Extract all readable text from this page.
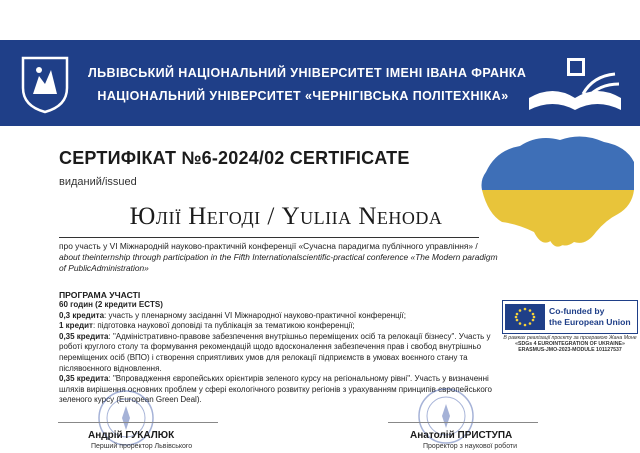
ЛЬВІВСЬКИЙ НАЦІОНАЛЬНИЙ УНІВЕРСИТЕТ ІМЕНІ ІВАНА ФРАНКА
НАЦІОНАЛЬНИЙ УНІВЕРСИТЕТ «ЧЕРНІГІВСЬКА ПОЛІТЕХНІКА»
СЕРТИФІКАТ №6-2024/02 CERTIFICATE
виданий/issued
Юлії Негоді / Yuliia Nehoda
про участь у VI Міжнародній науково-практичній конференції «Сучасна парадигма публічного управління» / about theinternship through participation in the Fifth Internationalscientific-practical conference «The Modern paradigm of PublicAdministration»
ПРОГРАМА УЧАСТІ

60 годин (2 кредити ECTS)

0,3 кредита: участь у пленарному засіданні VI Міжнародної науково-практичної конференції;

1 кредит: підготовка наукової доповіді та публікація за тематикою конференції;

0,35 кредита: "Адміністративно-правове забезпечення внутрішньо переміщених осіб та релокації бізнесу". Участь у роботі круглого столу та формування рекомендацій щодо вдосконалення забезпечення прав і свобод внутрішньо переміщених осіб (ВПО) і створення сприятливих умов для релокації підприємств в умовах воєнного стану та післявоєнного відновлення.

0,35 кредита: "Впровадження європейських орієнтирів зеленого курсу на регіональному рівні". Участь у визначенні шляхів вирішення основних проблем у сфері екологічного розвитку регіонів з урахуванням принципів європейського зеленого курсу (European Green Deal).

Co-funded by
the European Union
В рамках реалізації проєкту за програмою Жана Моне «SDGs 4 EUROINTEGRATION OF UKRAINE» ERASMUS-JMO-2023-MODULE 101127537
Андрій ГУКАЛЮК
Перший проректор Львівського
Анатолій ПРИСТУПА
Проректор з наукової роботи
